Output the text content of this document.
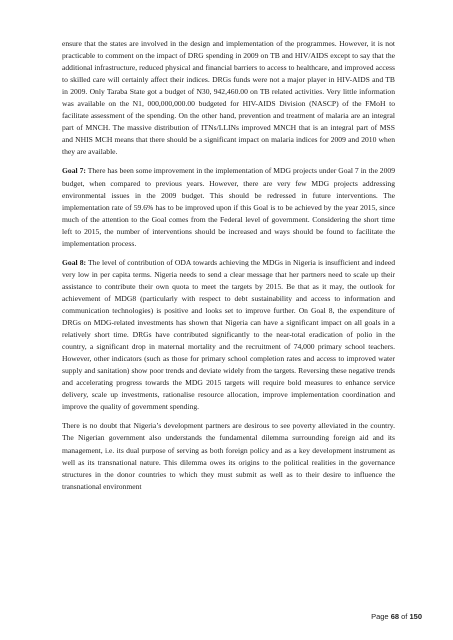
ensure that the states are involved in the design and implementation of the programmes. However, it is not practicable to comment on the impact of DRG spending in 2009 on TB and HIV/AIDS except to say that the additional infrastructure, reduced physical and financial barriers to access to healthcare, and improved access to skilled care will certainly affect their indices. DRGs funds were not a major player in HIV-AIDS and TB in 2009. Only Taraba State got a budget of N30, 942,460.00 on TB related activities. Very little information was available on the N1, 000,000,000.00 budgeted for HIV-AIDS Division (NASCP) of the FMoH to facilitate assessment of the spending. On the other hand, prevention and treatment of malaria are an integral part of MNCH. The massive distribution of ITNs/LLINs improved MNCH that is an integral part of MSS and NHIS MCH means that there should be a significant impact on malaria indices for 2009 and 2010 when they are available.

Goal 7: There has been some improvement in the implementation of MDG projects under Goal 7 in the 2009 budget, when compared to previous years. However, there are very few MDG projects addressing environmental issues in the 2009 budget. This should be redressed in future interventions. The implementation rate of 59.6% has to be improved upon if this Goal is to be achieved by the year 2015, since much of the attention to the Goal comes from the Federal level of government. Considering the short time left to 2015, the number of interventions should be increased and ways should be found to facilitate the implementation process.

Goal 8: The level of contribution of ODA towards achieving the MDGs in Nigeria is insufficient and indeed very low in per capita terms. Nigeria needs to send a clear message that her partners need to scale up their assistance to contribute their own quota to meet the targets by 2015. Be that as it may, the outlook for achievement of MDG8 (particularly with respect to debt sustainability and access to information and communication technologies) is positive and looks set to improve further. On Goal 8, the expenditure of DRGs on MDG-related investments has shown that Nigeria can have a significant impact on all goals in a relatively short time. DRGs have contributed significantly to the near-total eradication of polio in the country, a significant drop in maternal mortality and the recruitment of 74,000 primary school teachers. However, other indicators (such as those for primary school completion rates and access to improved water supply and sanitation) show poor trends and deviate widely from the targets. Reversing these negative trends and accelerating progress towards the MDG 2015 targets will require bold measures to enhance service delivery, scale up investments, rationalise resource allocation, improve implementation coordination and improve the quality of government spending.

There is no doubt that Nigeria’s development partners are desirous to see poverty alleviated in the country. The Nigerian government also understands the fundamental dilemma surrounding foreign aid and its management, i.e. its dual purpose of serving as both foreign policy and as a key development instrument as well as its transnational nature. This dilemma owes its origins to the political realities in the governance structures in the donor countries to which they must submit as well as to their desire to influence the transnational environment

Page 68 of 150
